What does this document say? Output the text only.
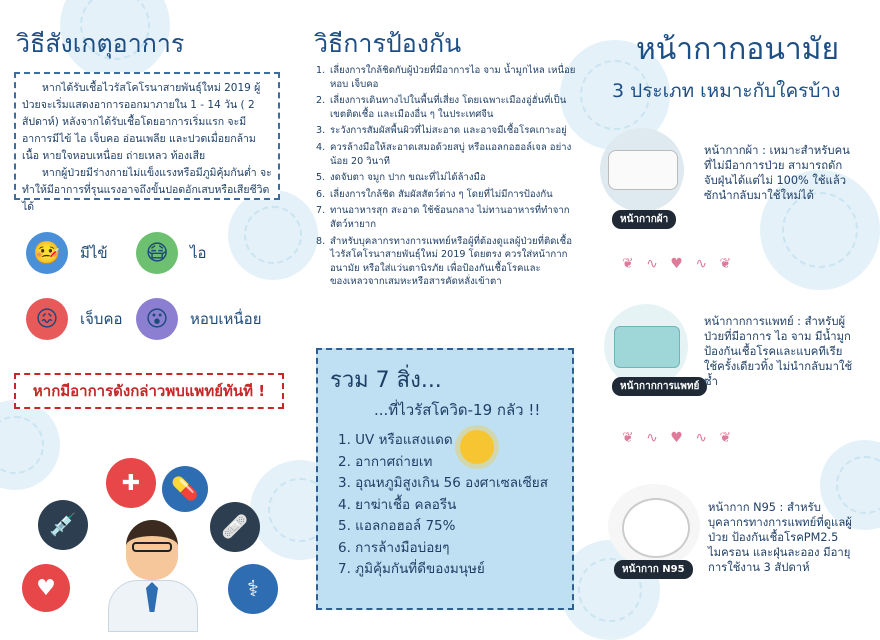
วิธีสังเกตุอาการ
หากได้รับเชื้อไวรัสโคโรนาสายพันธุ์ใหม่ 2019 ผู้ป่วยจะเริ่มแสดงอาการออกมาภายใน 1 - 14 วัน ( 2 สัปดาห์) หลังจากได้รับเชื้อโดยอาการเริ่มแรก จะมีอาการมีไข้ ไอ เจ็บคอ อ่อนเพลีย และปวดเมื่อยกล้ามเนื้อ หายใจหอบเหนื่อย ถ่ายเหลว ท้องเสีย
หากผู้ป่วยมีร่างกายไม่แข็งแรงหรือมีภูมิคุ้มกันต่ำ จะทำให้มีอาการที่รุนแรงอาจถึงขั้นปอดอักเสบหรือเสียชีวิตได้
🤒	มีไข้	😷	ไอ
😖	เจ็บคอ	😮	หอบเหนื่อย
หากมีอาการดังกล่าวพบแพทย์ทันที !
✚	💊
💉	🩹
♥	⚕
วิธีการป้องกัน
1. เลี่ยงการใกล้ชิดกับผู้ป่วยที่มีอาการไอ จาม น้ำมูกไหล เหนื่อยหอบ เจ็บคอ
2. เลี่ยงการเดินทางไปในพื้นที่เสี่ยง โดยเฉพาะเมืองอู่ฮั่นที่เป็นเขตติดเชื้อ และเมืองอื่น ๆ ในประเทศจีน
3. ระวังการสัมผัสพื้นผิวที่ไม่สะอาด และอาจมีเชื้อโรคเกาะอยู่
4. ควรล้างมือให้สะอาดเสมอด้วยสบู่ หรือแอลกอฮอล์เจล อย่างน้อย 20 วินาที
5. งดจับตา จมูก ปาก ขณะที่ไม่ได้ล้างมือ
6. เลี่ยงการใกล้ชิด สัมผัสสัตว์ต่าง ๆ โดยที่ไม่มีการป้องกัน
7. ทานอาหารสุก สะอาด ใช้ช้อนกลาง ไม่ทานอาหารที่ทำจากสัตว์หายาก
8. สำหรับบุคลากรทางการแพทย์หรือผู้ที่ต้องดูแลผู้ป่วยที่ติดเชื้อไวรัสโคโรนาสายพันธุ์ใหม่ 2019 โดยตรง ควรใส่หน้ากากอนามัย หรือใส่แว่นตานิรภัย เพื่อป้องกันเชื้อโรคและของเหลวจากเสมหะหรือสารคัดหลั่งเข้าตา
รวม 7 สิ่ง...
...ที่ไวรัสโควิด-19 กลัว !!
1. UV หรือแสงแดด
2. อากาศถ่ายเท
3. อุณหภูมิสูงเกิน 56 องศาเซลเซียส
4. ยาฆ่าเชื้อ คลอรีน
5. แอลกอฮอล์ 75%
6. การล้างมือบ่อยๆ
7. ภูมิคุ้มกันที่ดีของมนุษย์
หน้ากากอนามัย
3 ประเภท เหมาะกับใครบ้าง
หน้ากากผ้า
หน้ากากผ้า : เหมาะสำหรับคนที่ไม่มีอาการป่วย สามารถดักจับฝุ่นได้แต่ไม่ 100% ใช้แล้วซักนำกลับมาใช้ใหม่ได้
❦ ∿ ♥ ∿ ❦
หน้ากากการแพทย์
หน้ากากการแพทย์ : สำหรับผู้ป่วยที่มีอาการ ไอ จาม มีน้ำมูก ป้องกันเชื้อโรคและแบคทีเรีย ใช้ครั้งเดียวทิ้ง ไม่นำกลับมาใช้ซ้ำ
❦ ∿ ♥ ∿ ❦
หน้ากาก N95
หน้ากาก N95 : สำหรับบุคลากรทางการแพทย์ที่ดูแลผู้ป่วย ป้องกันเชื้อโรคPM2.5 ไมครอน และฝุ่นละออง มีอายุการใช้งาน 3 สัปดาห์
